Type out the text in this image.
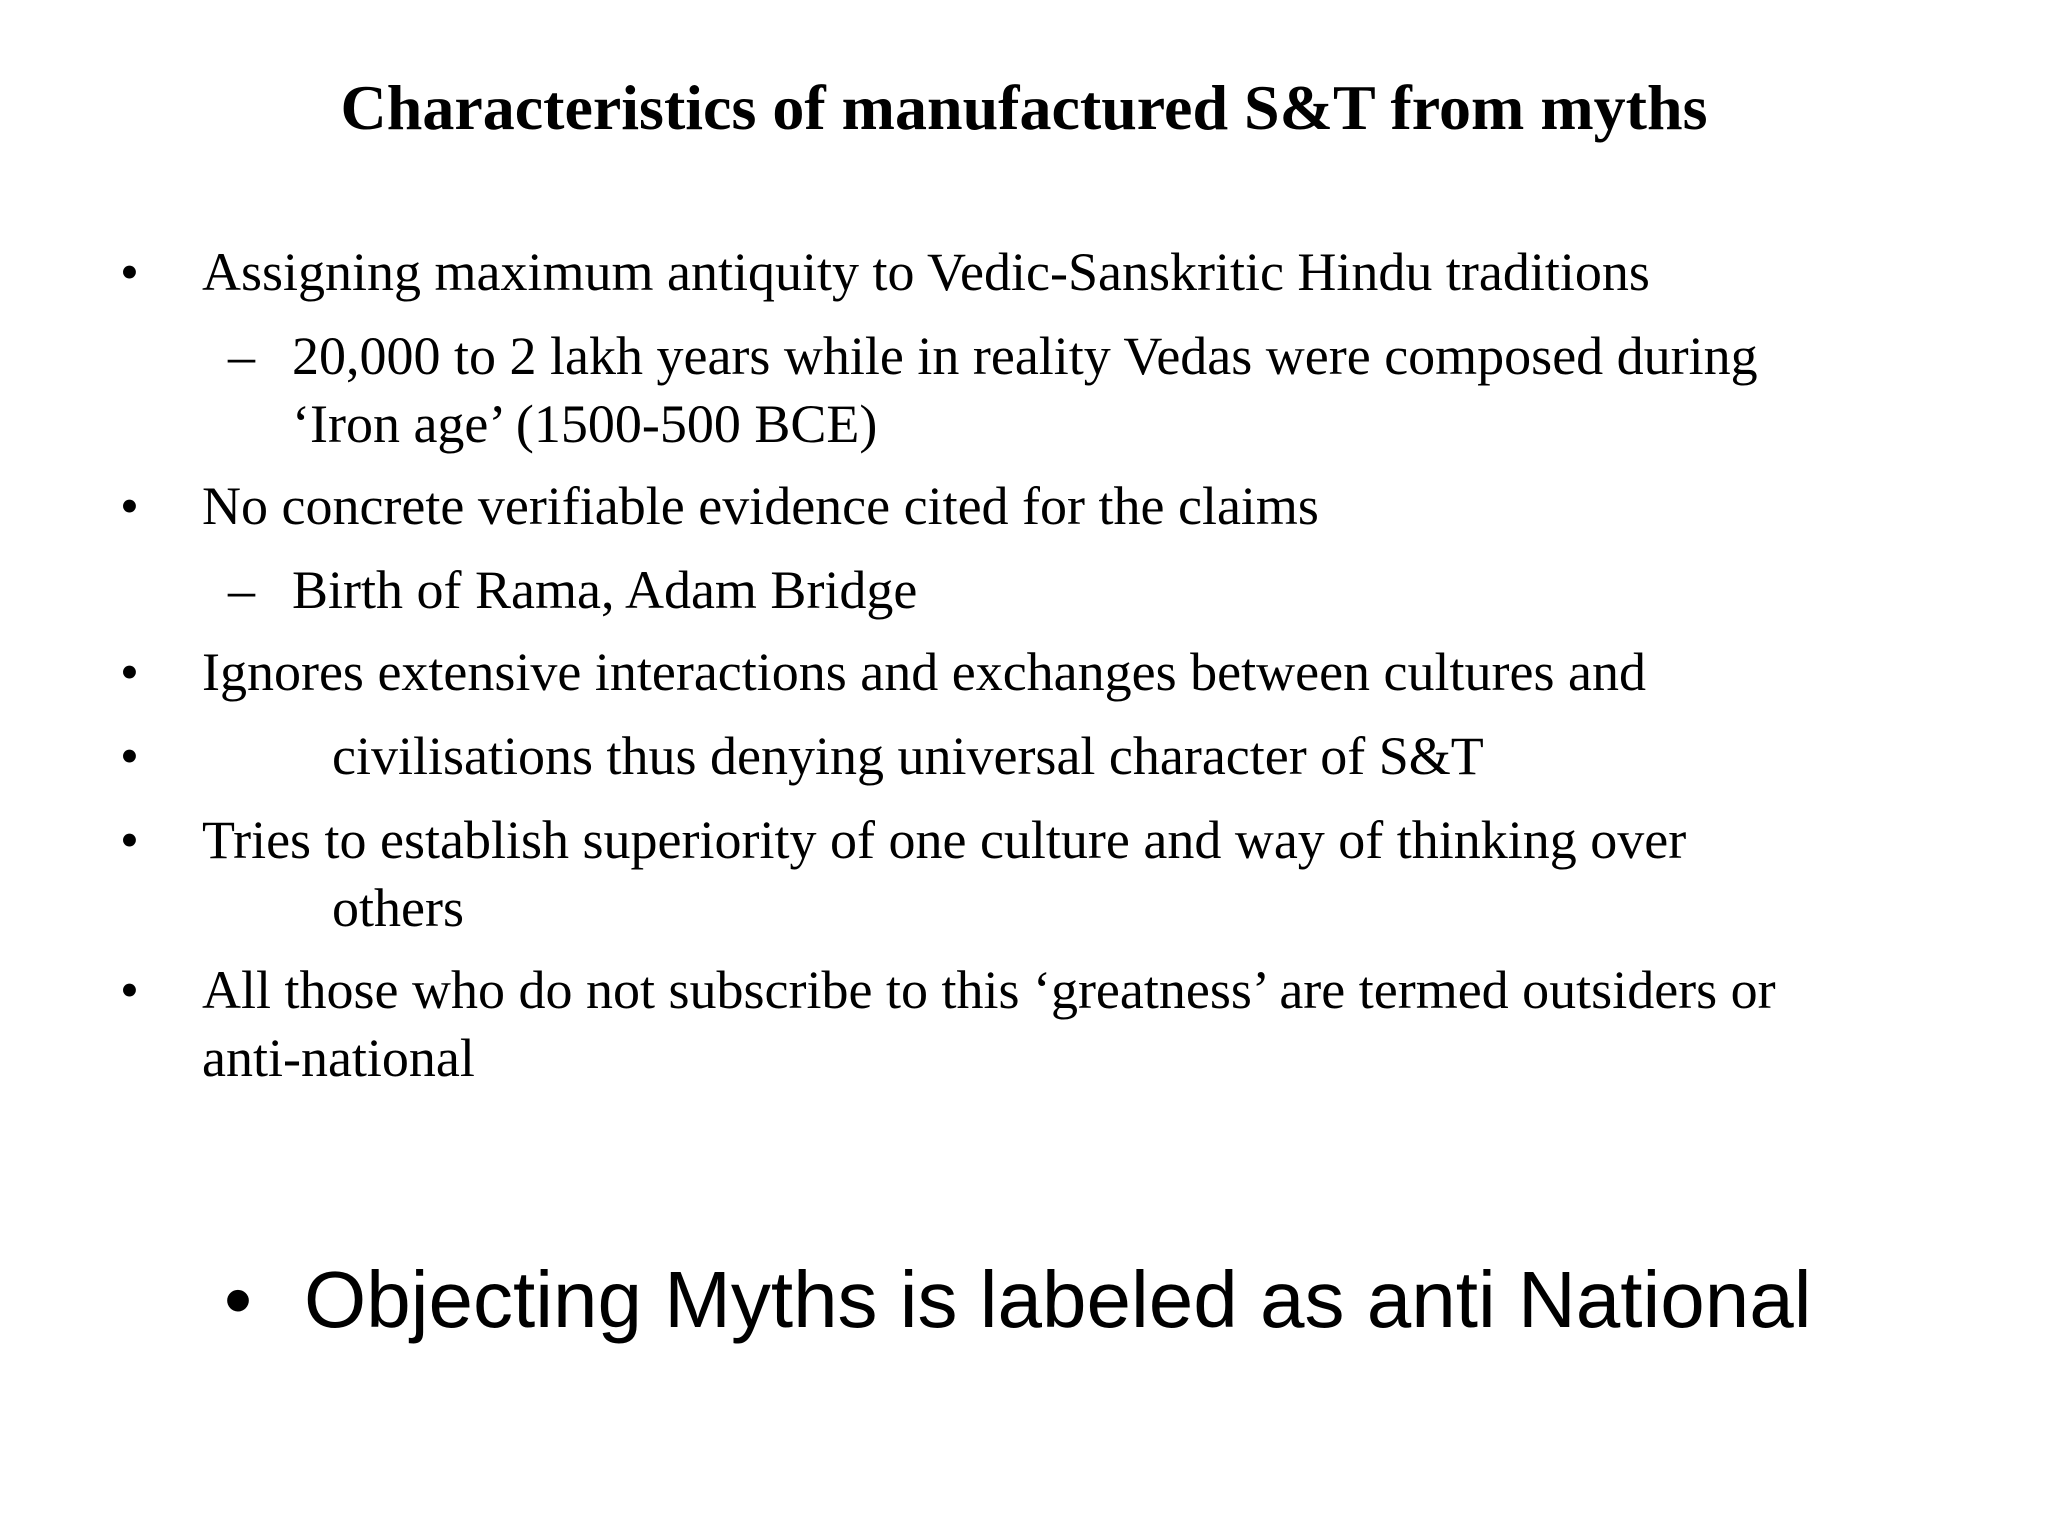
Characteristics of manufactured S&T from myths
• Assigning maximum antiquity to Vedic-Sanskritic Hindu traditions
– 20,000 to 2 lakh years while in reality Vedas were composed during
‘Iron age’ (1500-500 BCE)
• No concrete verifiable evidence cited for the claims
– Birth of Rama, Adam Bridge
• Ignores extensive interactions and exchanges between cultures and
•	civilisations thus denying universal character of S&T
• Tries to establish superiority of one culture and way of thinking over
others
• All those who do not subscribe to this ‘greatness’ are termed outsiders or
anti-national
• Objecting Myths is labeled as anti National
